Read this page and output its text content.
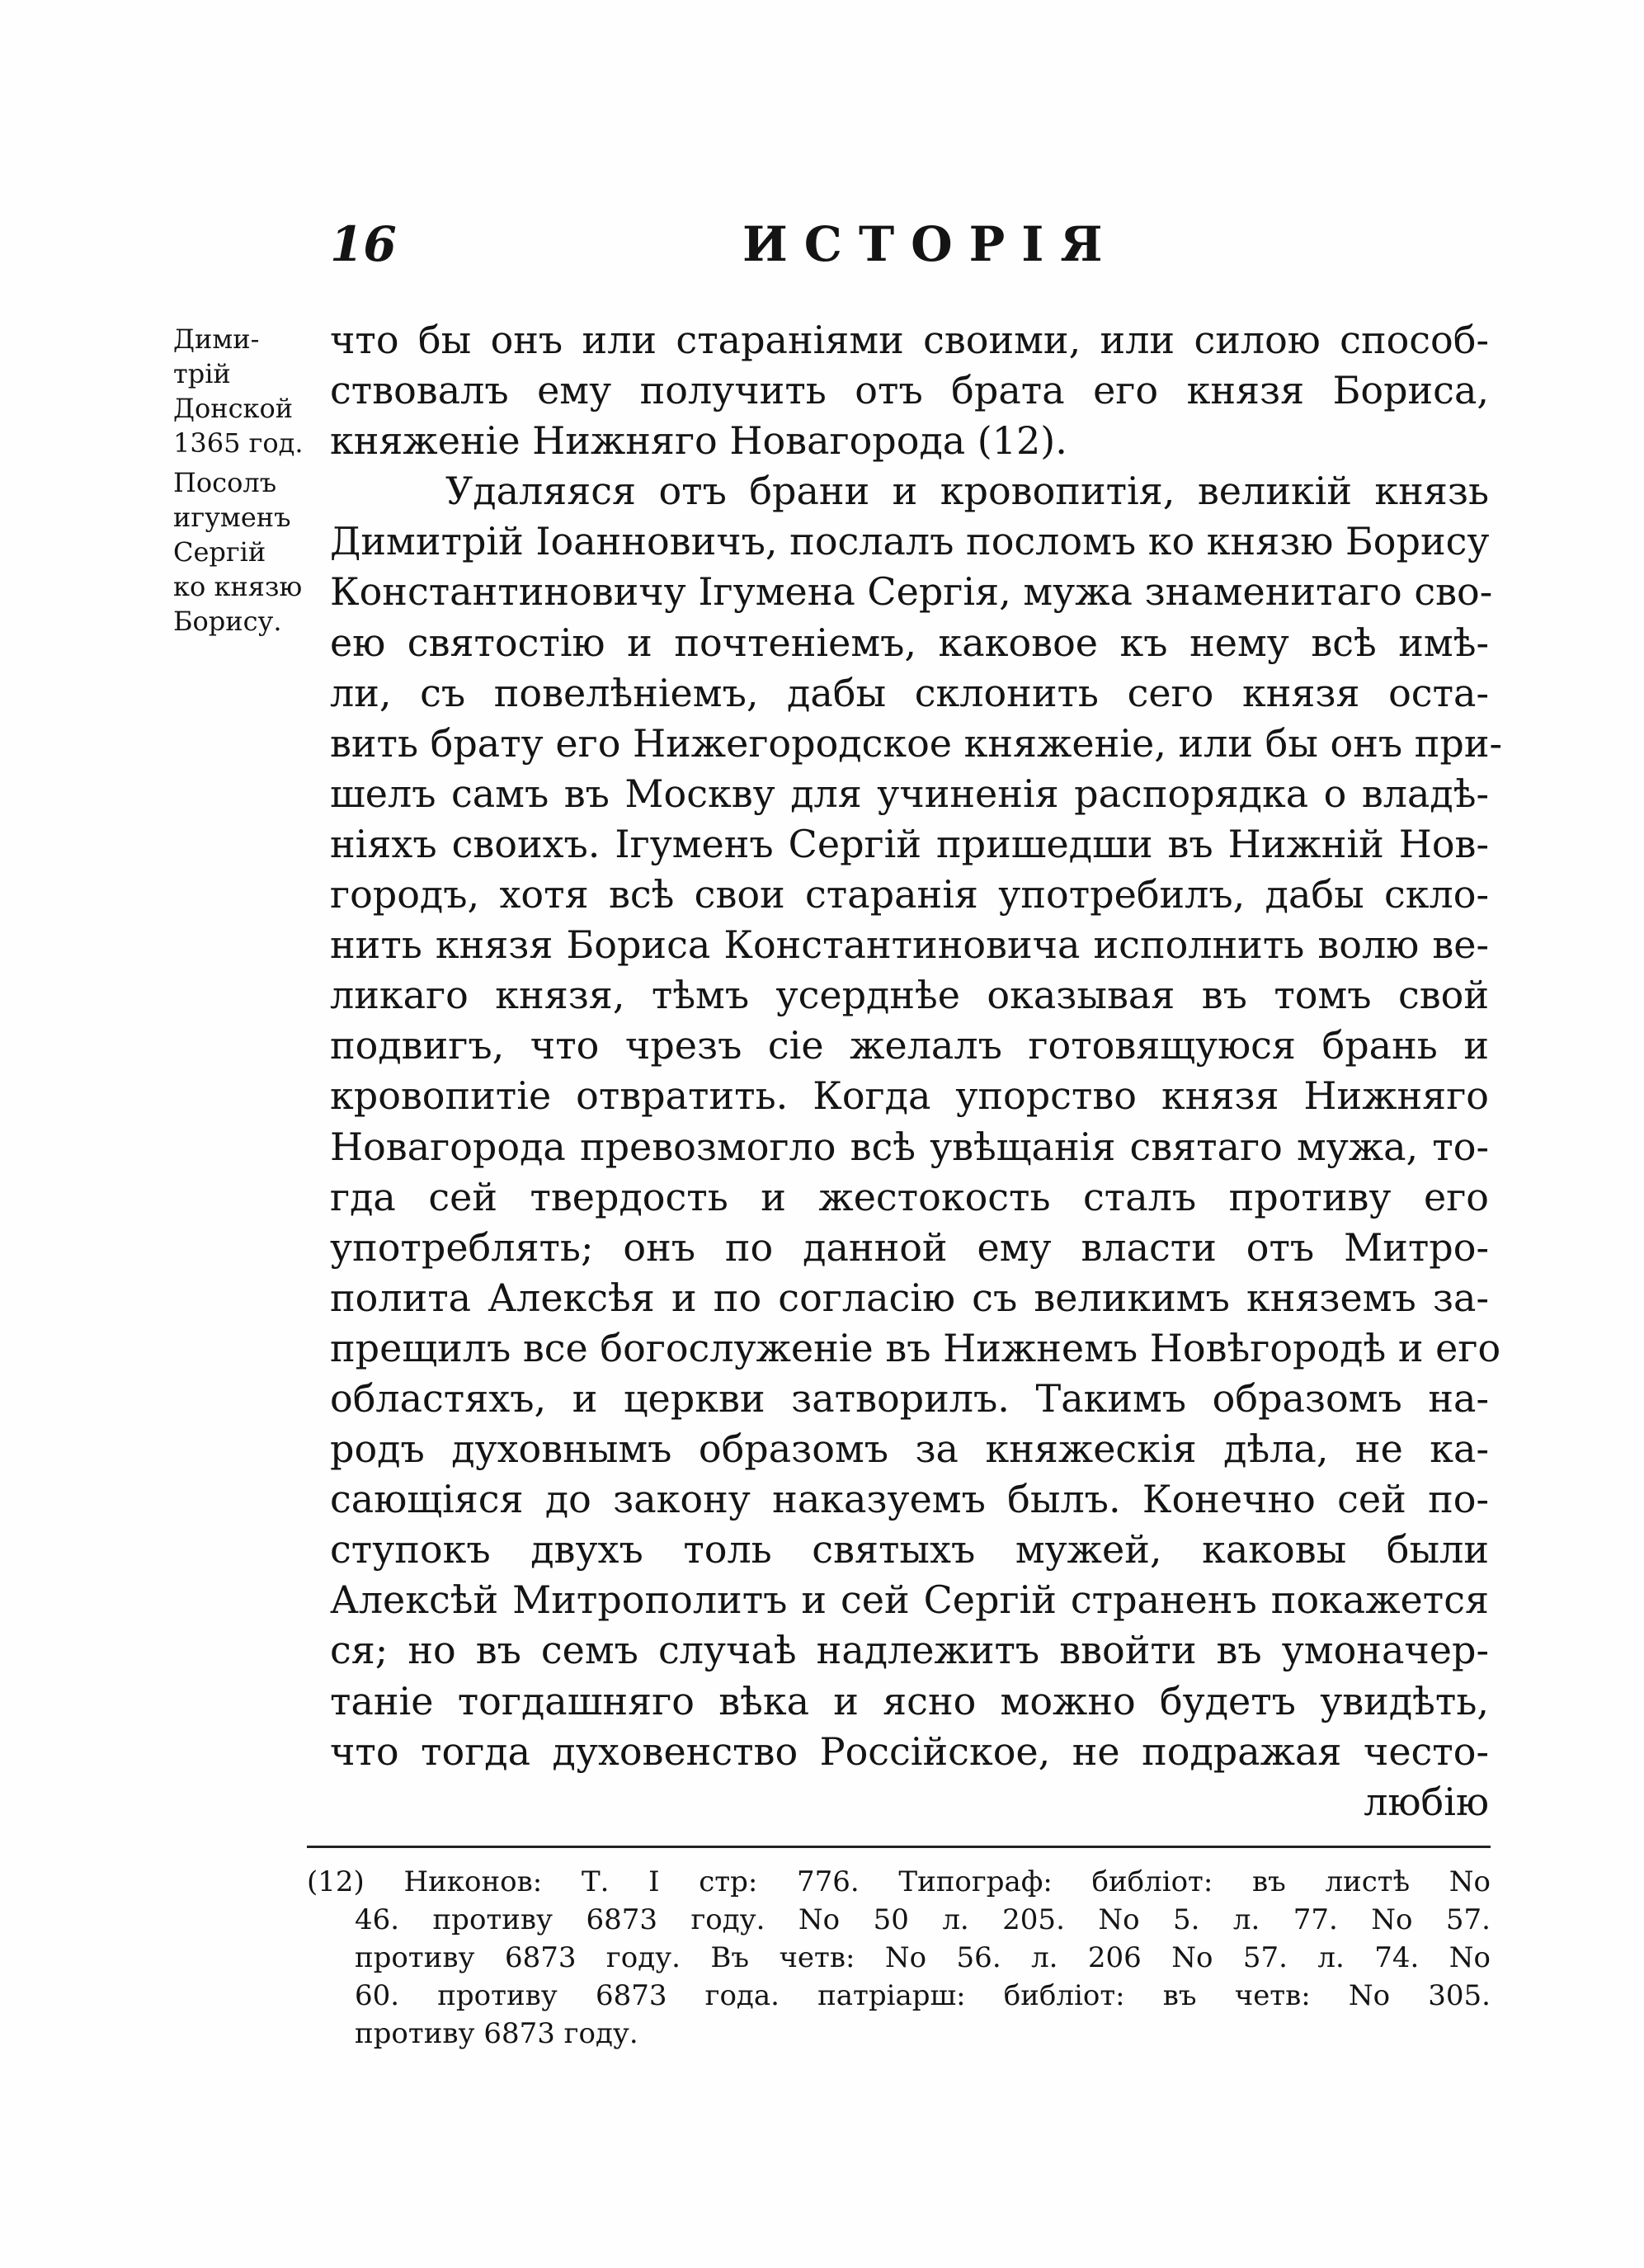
16	ИСТОРIЯ
Дими-
трiй
Донской
1365 год.
Посолъ
игуменъ
Сергiй
ко князю
Борису.
что бы онъ или стаpанiями своими, или силою способ-
ствовалъ ему получить отъ брата его князя Бориса,
княженiе Нижняго Новагорода (12).
Удаляяся отъ брани и кровопитiя, великiй князь
Димитрiй Iоанновичъ, послалъ посломъ ко князю Борису
Константиновичу Iгумена Сергiя, мужа знаменитаго сво-
ею святостiю и почтенiемъ, каковое къ нему всѣ имѣ-
ли, съ повелѣнiемъ, дабы склонить сего князя оста-
вить брату его Нижегородское княженiе, или бы онъ при-
шелъ самъ въ Москву для учиненiя распорядка о владѣ-
нiяхъ своихъ. Iгуменъ Сергiй пришедши въ Нижнiй Нов-
городъ, хотя всѣ свои старанiя употребилъ, дабы скло-
нить князя Бориса Константиновича исполнить волю ве-
ликаго князя, тѣмъ усерднѣе оказывая въ томъ свой
подвигъ, что чрезъ сiе желалъ готовящуюся брань и
кровопитiе отвратить. Когда упорство князя Нижняго
Новагорода превозмогло всѣ увѣщанiя святаго мужа, то-
гда сей твердость и жестокость сталъ противу его
употреблять; онъ по данной ему власти отъ Митро-
полита Алексѣя и по согласiю съ великимъ княземъ за-
прещилъ все богослуженiе въ Нижнемъ Новѣгородѣ и его
областяхъ, и церкви затворилъ. Такимъ образомъ на-
родъ духовнымъ образомъ за княжескiя дѣла, не ка-
сающiяся до закону наказуемъ былъ. Конечно сей по-
ступокъ двухъ толь святыхъ мужей, каковы были
Алексѣй Митрополитъ и сей Сергiй страненъ покажется
ся; но въ семъ случаѣ надлежитъ ввойти въ умоначер-
танiе тогдашняго вѣка и ясно можно будетъ увидѣть,
что тогда духовенство Россiйское, не подражая често-
любiю
(12) Никонов: Т. I стр: 776. Типограф: библiот: въ листѣ No
46. противу 6873 году. No 50 л. 205. No 5. л. 77. No 57.
противу 6873 году. Въ четв: No 56. л. 206 No 57. л. 74. No
60. противу 6873 года. патрiарш: библiот: въ четв: No 305.
противу 6873 году.
